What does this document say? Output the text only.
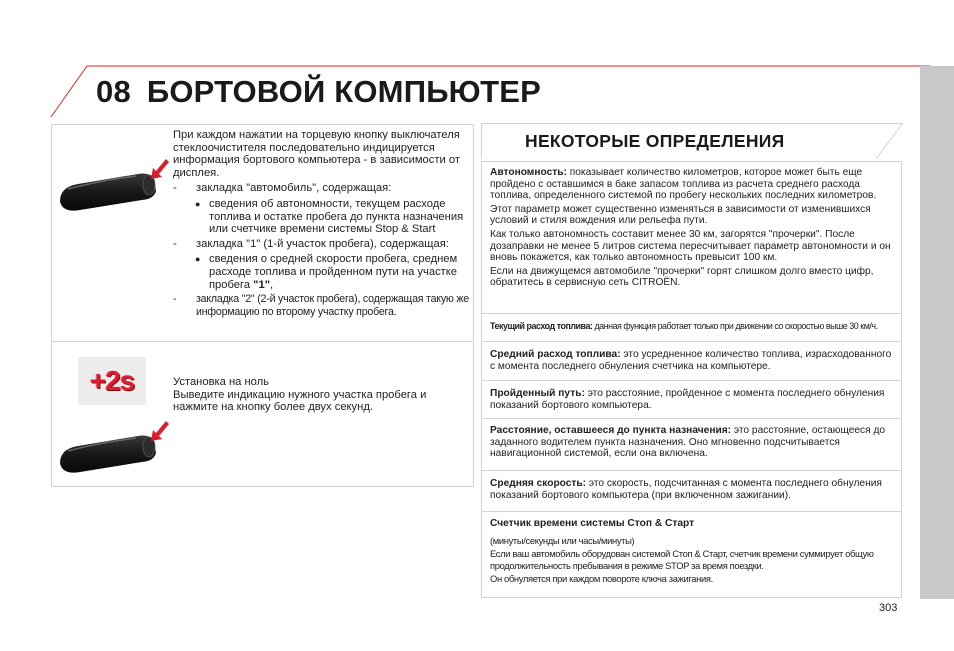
08 БОРТОВОЙ КОМПЬЮТЕР

При каждом нажатии на торцевую кнопку выключателя стеклоочистителя последовательно индицируется информация бортового компьютера - в зависимости от дисплея.

- закладка "автомобиль", содержащая:
● сведения об автономности, текущем расходе топлива и остатке пробега до пункта назначения или счетчике времени системы Stop & Start
- закладка "1" (1-й участок пробега), содержащая:
● сведения о средней скорости пробега, среднем расходе топлива и пройденном пути на участке пробега "1",
- закладка "2" (2-й участок пробега), содержащая такую же информацию по второму участку пробега.
+2s	Установка на ноль

Выведите индикацию нужного участка пробега и нажмите на кнопку более двух секунд.

НЕКОТОРЫЕ ОПРЕДЕЛЕНИЯ

Автономность: показывает количество километров, которое может быть еще пройдено с оставшимся в баке запасом топлива из расчета среднего расхода топлива, определенного системой по пробегу нескольких последних километров.

Этот параметр может существенно изменяться в зависимости от изменившихся условий и стиля вождения или рельефа пути.

Как только автономность составит менее 30 км, загорятся "прочерки". После дозаправки не менее 5 литров система пересчитывает параметр автономности и он вновь покажется, как только автономность превысит 100 км.

Если на движущемся автомобиле "прочерки" горят слишком долго вместо цифр, обратитесь в сервисную сеть CITROËN.

Текущий расход топлива: данная функция работает только при движении со скоростью выше 30 км/ч.

Средний расход топлива: это усредненное количество топлива, израсходованного с момента последнего обнуления счетчика на компьютере.

Пройденный путь: это расстояние, пройденное с момента последнего обнуления показаний бортового компьютера.

Расстояние, оставшееся до пункта назначения: это расстояние, остающееся до заданного водителем пункта назначения. Оно мгновенно подсчитывается навигационной системой, если она включена.

Средняя скорость: это скорость, подсчитанная с момента последнего обнуления показаний бортового компьютера (при включенном зажигании).

Счетчик времени системы Стоп & Старт

(минуты/секунды или часы/минуты)

Если ваш автомобиль оборудован системой Стоп & Старт, счетчик времени суммирует общую продолжительность пребывания в режиме STOP за время поездки.

Он обнуляется при каждом повороте ключа зажигания.

303
